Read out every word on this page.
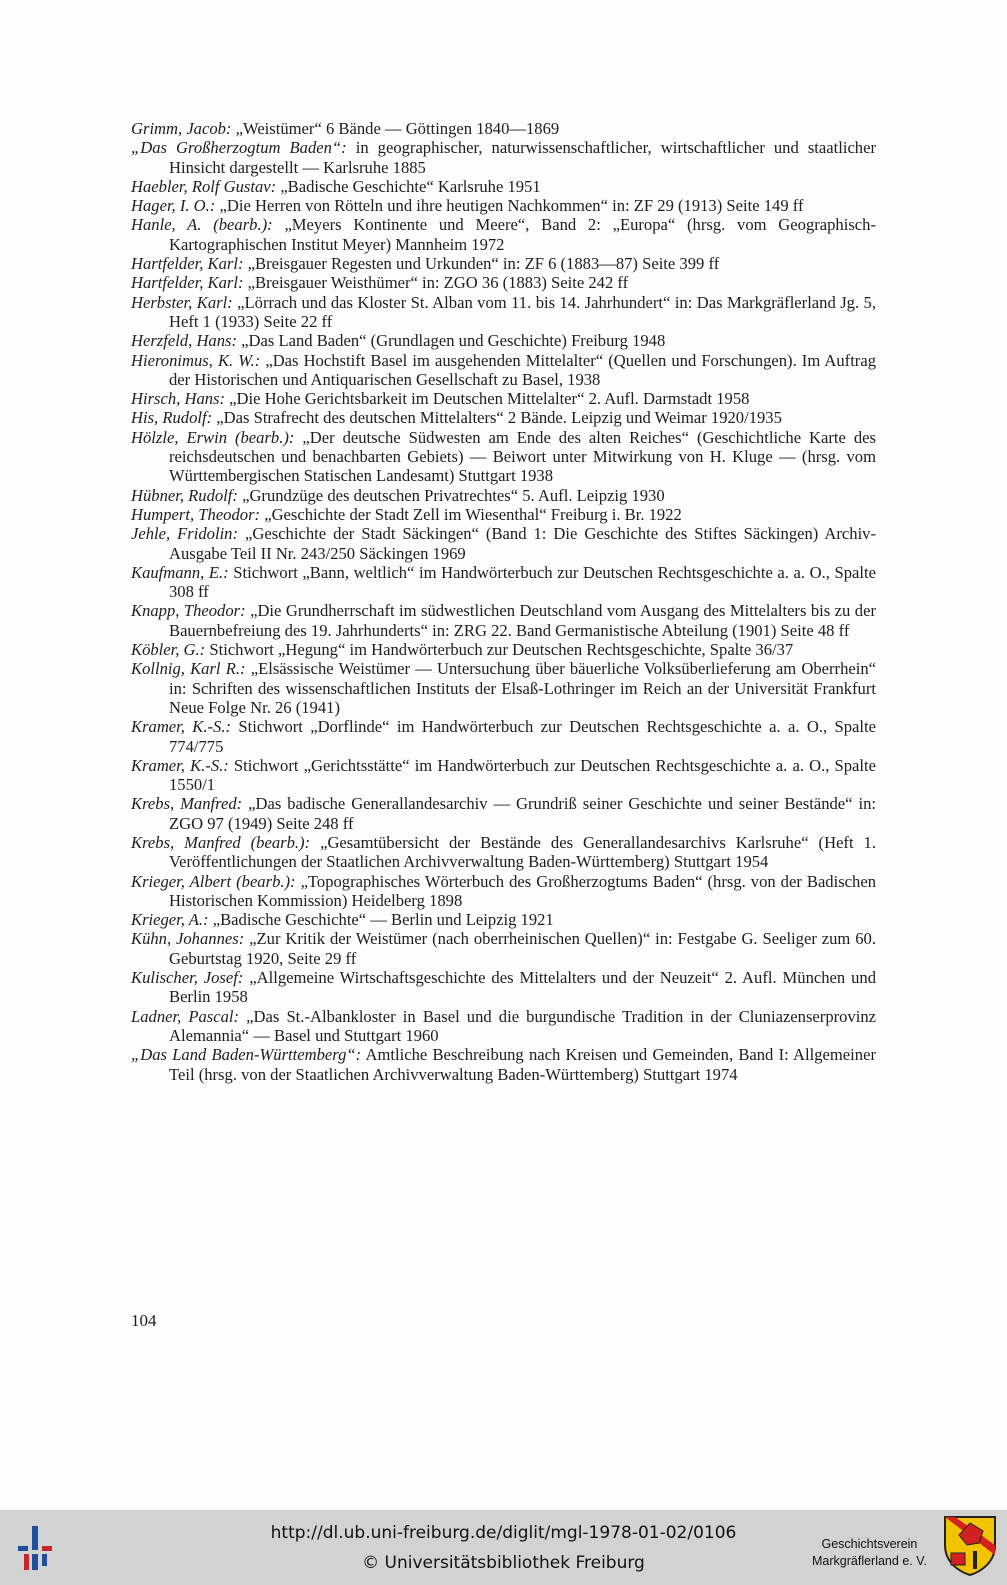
Grimm, Jacob: „Weistümer“ 6 Bände — Göttingen 1840—1869

„Das Großherzogtum Baden“: in geographischer, naturwissenschaftlicher, wirtschaftlicher und staatlicher Hinsicht dargestellt — Karlsruhe 1885

Haebler, Rolf Gustav: „Badische Geschichte“ Karlsruhe 1951

Hager, I. O.: „Die Herren von Rötteln und ihre heutigen Nachkommen“ in: ZF 29 (1913) Seite 149 ff

Hanle, A. (bearb.): „Meyers Kontinente und Meere“, Band 2: „Europa“ (hrsg. vom Geographisch-Kartographischen Institut Meyer) Mannheim 1972

Hartfelder, Karl: „Breisgauer Regesten und Urkunden“ in: ZF 6 (1883—87) Seite 399 ff

Hartfelder, Karl: „Breisgauer Weisthümer“ in: ZGO 36 (1883) Seite 242 ff

Herbster, Karl: „Lörrach und das Kloster St. Alban vom 11. bis 14. Jahrhundert“ in: Das Markgräflerland Jg. 5, Heft 1 (1933) Seite 22 ff

Herzfeld, Hans: „Das Land Baden“ (Grundlagen und Geschichte) Freiburg 1948

Hieronimus, K. W.: „Das Hochstift Basel im ausgehenden Mittelalter“ (Quellen und Forschungen). Im Auftrag der Historischen und Antiquarischen Gesellschaft zu Basel, 1938

Hirsch, Hans: „Die Hohe Gerichtsbarkeit im Deutschen Mittelalter“ 2. Aufl. Darmstadt 1958

His, Rudolf: „Das Strafrecht des deutschen Mittelalters“ 2 Bände. Leipzig und Weimar 1920/1935

Hölzle, Erwin (bearb.): „Der deutsche Südwesten am Ende des alten Reiches“ (Geschichtliche Karte des reichsdeutschen und benachbarten Gebiets) — Beiwort unter Mitwirkung von H. Kluge — (hrsg. vom Württembergischen Statischen Landesamt) Stuttgart 1938

Hübner, Rudolf: „Grundzüge des deutschen Privatrechtes“ 5. Aufl. Leipzig 1930

Humpert, Theodor: „Geschichte der Stadt Zell im Wiesenthal“ Freiburg i. Br. 1922

Jehle, Fridolin: „Geschichte der Stadt Säckingen“ (Band 1: Die Geschichte des Stiftes Säckingen) Archiv-Ausgabe Teil II Nr. 243/250 Säckingen 1969

Kaufmann, E.: Stichwort „Bann, weltlich“ im Handwörterbuch zur Deutschen Rechtsgeschichte a. a. O., Spalte 308 ff

Knapp, Theodor: „Die Grundherrschaft im südwestlichen Deutschland vom Ausgang des Mittelalters bis zu der Bauernbefreiung des 19. Jahrhunderts“ in: ZRG 22. Band Germanistische Abteilung (1901) Seite 48 ff

Köbler, G.: Stichwort „Hegung“ im Handwörterbuch zur Deutschen Rechtsgeschichte, Spalte 36/37

Kollnig, Karl R.: „Elsässische Weistümer — Untersuchung über bäuerliche Volksüberlieferung am Oberrhein“ in: Schriften des wissenschaftlichen Instituts der Elsaß-Lothringer im Reich an der Universität Frankfurt Neue Folge Nr. 26 (1941)

Kramer, K.-S.: Stichwort „Dorflinde“ im Handwörterbuch zur Deutschen Rechtsgeschichte a. a. O., Spalte 774/775

Kramer, K.-S.: Stichwort „Gerichtsstätte“ im Handwörterbuch zur Deutschen Rechtsgeschichte a. a. O., Spalte 1550/1

Krebs, Manfred: „Das badische Generallandesarchiv — Grundriß seiner Geschichte und seiner Bestände“ in: ZGO 97 (1949) Seite 248 ff

Krebs, Manfred (bearb.): „Gesamtübersicht der Bestände des Generallandesarchivs Karlsruhe“ (Heft 1. Veröffentlichungen der Staatlichen Archivverwaltung Baden-Württemberg) Stuttgart 1954

Krieger, Albert (bearb.): „Topographisches Wörterbuch des Großherzogtums Baden“ (hrsg. von der Badischen Historischen Kommission) Heidelberg 1898

Krieger, A.: „Badische Geschichte“ — Berlin und Leipzig 1921

Kühn, Johannes: „Zur Kritik der Weistümer (nach oberrheinischen Quellen)“ in: Festgabe G. Seeliger zum 60. Geburtstag 1920, Seite 29 ff

Kulischer, Josef: „Allgemeine Wirtschaftsgeschichte des Mittelalters und der Neuzeit“ 2. Aufl. München und Berlin 1958

Ladner, Pascal: „Das St.-Albankloster in Basel und die burgundische Tradition in der Cluniazenserprovinz Alemannia“ — Basel und Stuttgart 1960

„Das Land Baden-Württemberg“: Amtliche Beschreibung nach Kreisen und Gemeinden, Band I: Allgemeiner Teil (hrsg. von der Staatlichen Archivverwaltung Baden-Württemberg) Stuttgart 1974

104
http://dl.ub.uni-freiburg.de/diglit/mgl-1978-01-02/0106
© Universitätsbibliothek Freiburg
Geschichtsverein
Markgräflerland e. V.
